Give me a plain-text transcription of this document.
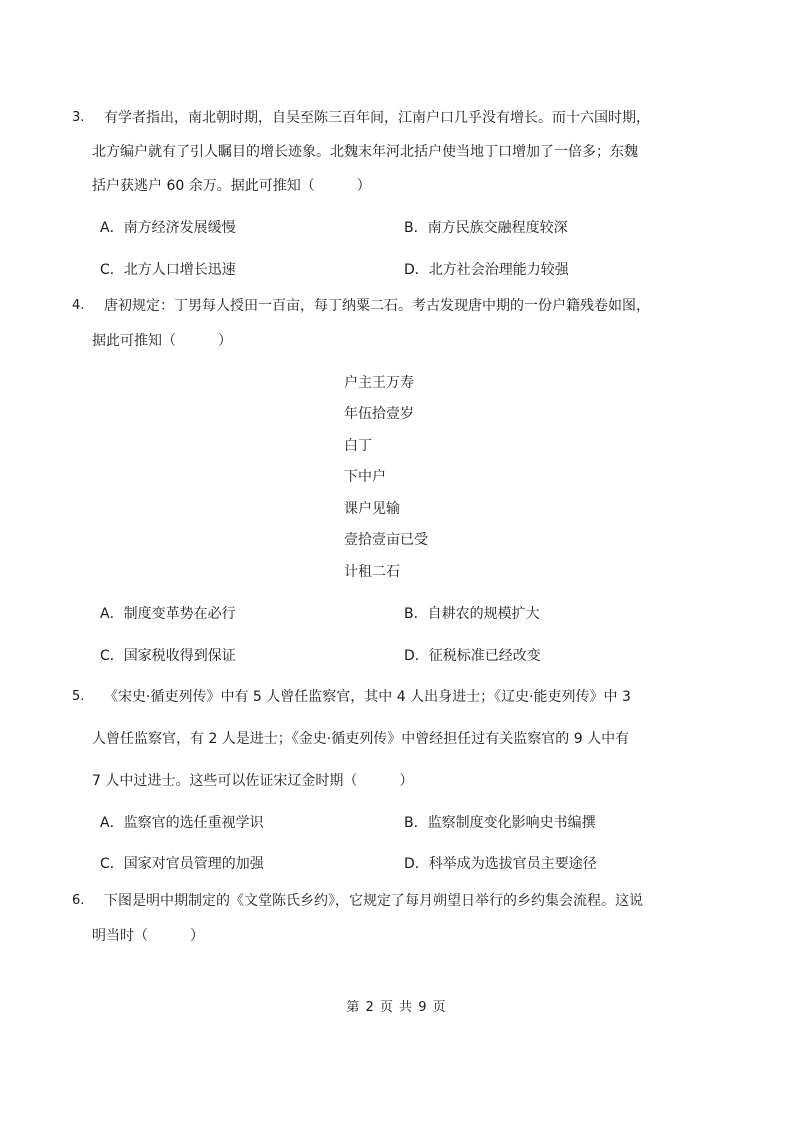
3. 有学者指出，南北朝时期，自吴至陈三百年间，江南户口几乎没有增长。而十六国时期，
北方编户就有了引人瞩目的增长迹象。北魏末年河北括户使当地丁口增加了一倍多；东魏
括户获逃户 60 余万。据此可推知（　　　）
A．南方经济发展缓慢	B．南方民族交融程度较深
C．北方人口增长迅速	D．北方社会治理能力较强
4. 唐初规定：丁男每人授田一百亩，每丁纳粟二石。考古发现唐中期的一份户籍残卷如图，
据此可推知（　　　）
户主王万寿
年伍拾壹岁
白丁
下中户
课户见输
壹拾壹亩已受
计租二石
A．制度变革势在必行	B．自耕农的规模扩大
C．国家税收得到保证	D．征税标准已经改变
5. 《宋史·循吏列传》中有 5 人曾任监察官，其中 4 人出身进士；《辽史·能吏列传》中 3
人曾任监察官，有 2 人是进士；《金史·循吏列传》中曾经担任过有关监察官的 9 人中有
7 人中过进士。这些可以佐证宋辽金时期（　　　）
A．监察官的选任重视学识	B．监察制度变化影响史书编撰
C．国家对官员管理的加强	D．科举成为选拔官员主要途径
6. 下图是明中期制定的《文堂陈氏乡约》，它规定了每月朔望日举行的乡约集会流程。这说
明当时（　　　）
第 2 页 共 9 页
